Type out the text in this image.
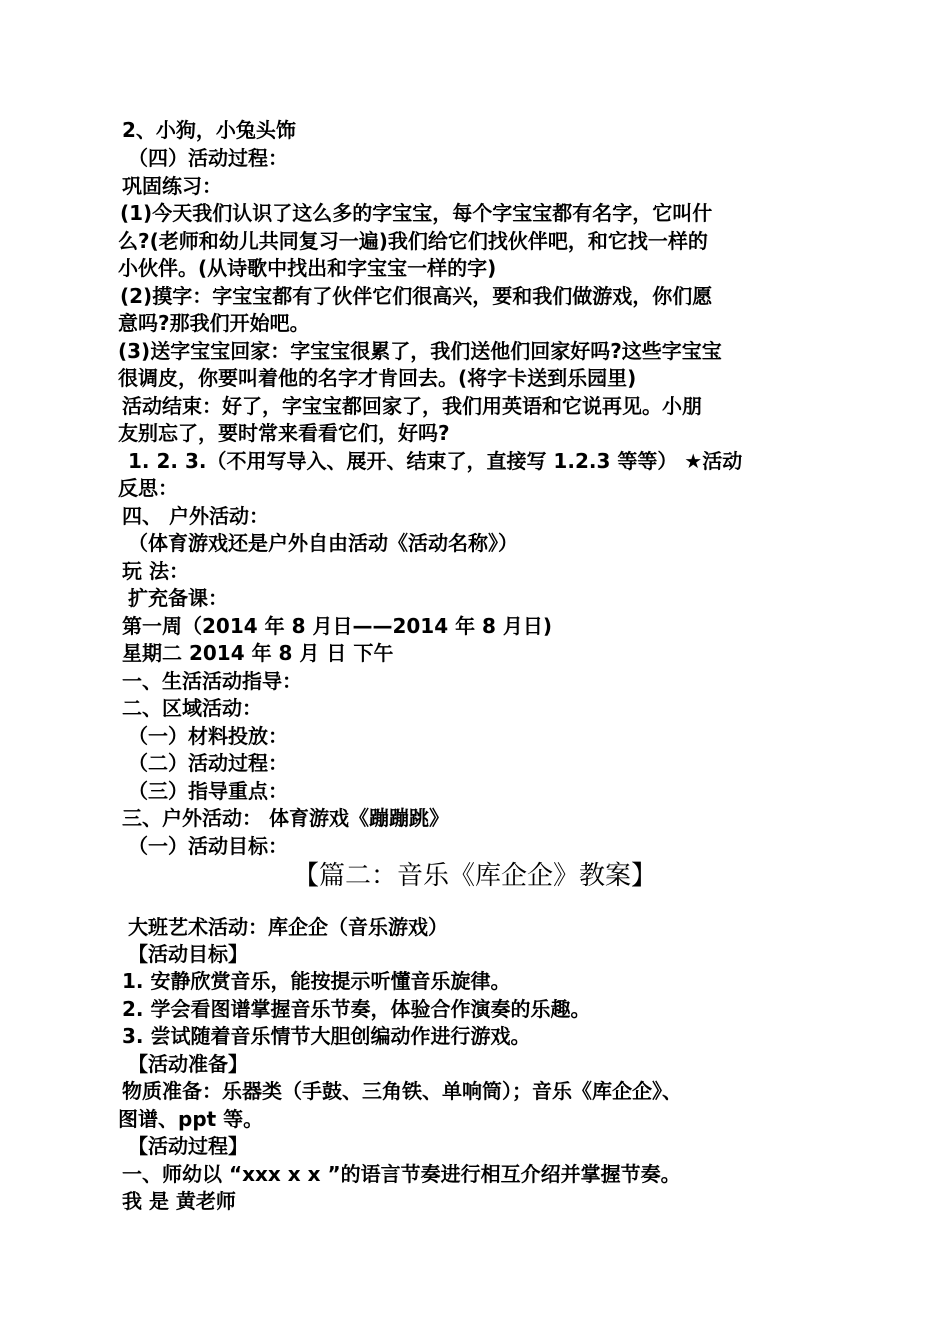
2、小狗，小兔头饰
（四）活动过程：
巩固练习：
(1)今天我们认识了这么多的字宝宝，每个字宝宝都有名字，它叫什
么?(老师和幼儿共同复习一遍)我们给它们找伙伴吧，和它找一样的
小伙伴。(从诗歌中找出和字宝宝一样的字)
(2)摸字：字宝宝都有了伙伴它们很高兴，要和我们做游戏，你们愿
意吗?那我们开始吧。
(3)送字宝宝回家：字宝宝很累了，我们送他们回家好吗?这些字宝宝
很调皮，你要叫着他的名字才肯回去。(将字卡送到乐园里)
活动结束：好了，字宝宝都回家了，我们用英语和它说再见。小朋
友别忘了，要时常来看看它们，好吗?
1. 2. 3.（不用写导入、展开、结束了，直接写 1.2.3 等等） ★活动
反思：
四、 户外活动：
（体育游戏还是户外自由活动《活动名称》）
玩 法：
扩充备课：
第一周（2014 年 8 月日——2014 年 8 月日)
星期二 2014 年 8 月 日 下午
一、生活活动指导：
二、区域活动：
（一）材料投放：
（二）活动过程：
（三）指导重点：
三、户外活动： 体育游戏《蹦蹦跳》
（一）活动目标：
【篇二：音乐《库企企》教案】
大班艺术活动：库企企（音乐游戏）
【活动目标】
1. 安静欣赏音乐，能按提示听懂音乐旋律。
2. 学会看图谱掌握音乐节奏，体验合作演奏的乐趣。
3. 尝试随着音乐情节大胆创编动作进行游戏。
【活动准备】
物质准备：乐器类（手鼓、三角铁、单响筒）；音乐《库企企》、
图谱、ppt 等。
【活动过程】
一、师幼以 “xxx x x ”的语言节奏进行相互介绍并掌握节奏。
我 是 黄老师
